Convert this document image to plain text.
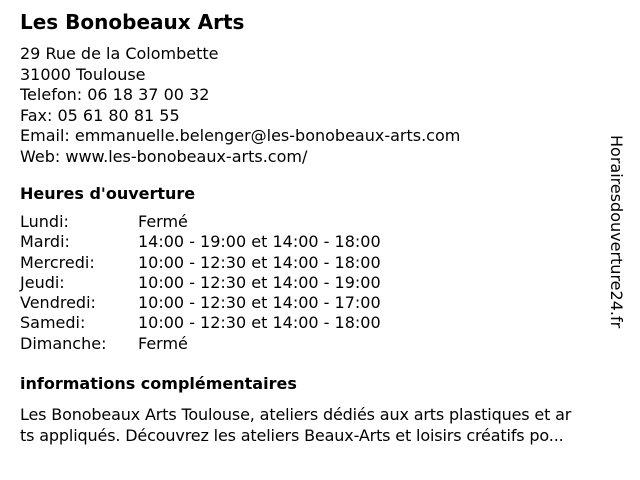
Les Bonobeaux Arts
29 Rue de la Colombette
31000 Toulouse
Telefon: 06 18 37 00 32
Fax: 05 61 80 81 55
Email: emmanuelle.belenger@les-bonobeaux-arts.com
Web: www.les-bonobeaux-arts.com/
Heures d'ouverture
Lundi:	Fermé
Mardi:	14:00 - 19:00 et 14:00 - 18:00
Mercredi:	10:00 - 12:30 et 14:00 - 18:00
Jeudi:	10:00 - 12:30 et 14:00 - 19:00
Vendredi:	10:00 - 12:30 et 14:00 - 17:00
Samedi:	10:00 - 12:30 et 14:00 - 18:00
Dimanche: Fermé
informations complémentaires
Les Bonobeaux Arts Toulouse, ateliers dédiés aux arts plastiques et ar
ts appliqués. Découvrez les ateliers Beaux-Arts et loisirs créatifs po...
Horairesdouverture24.fr
